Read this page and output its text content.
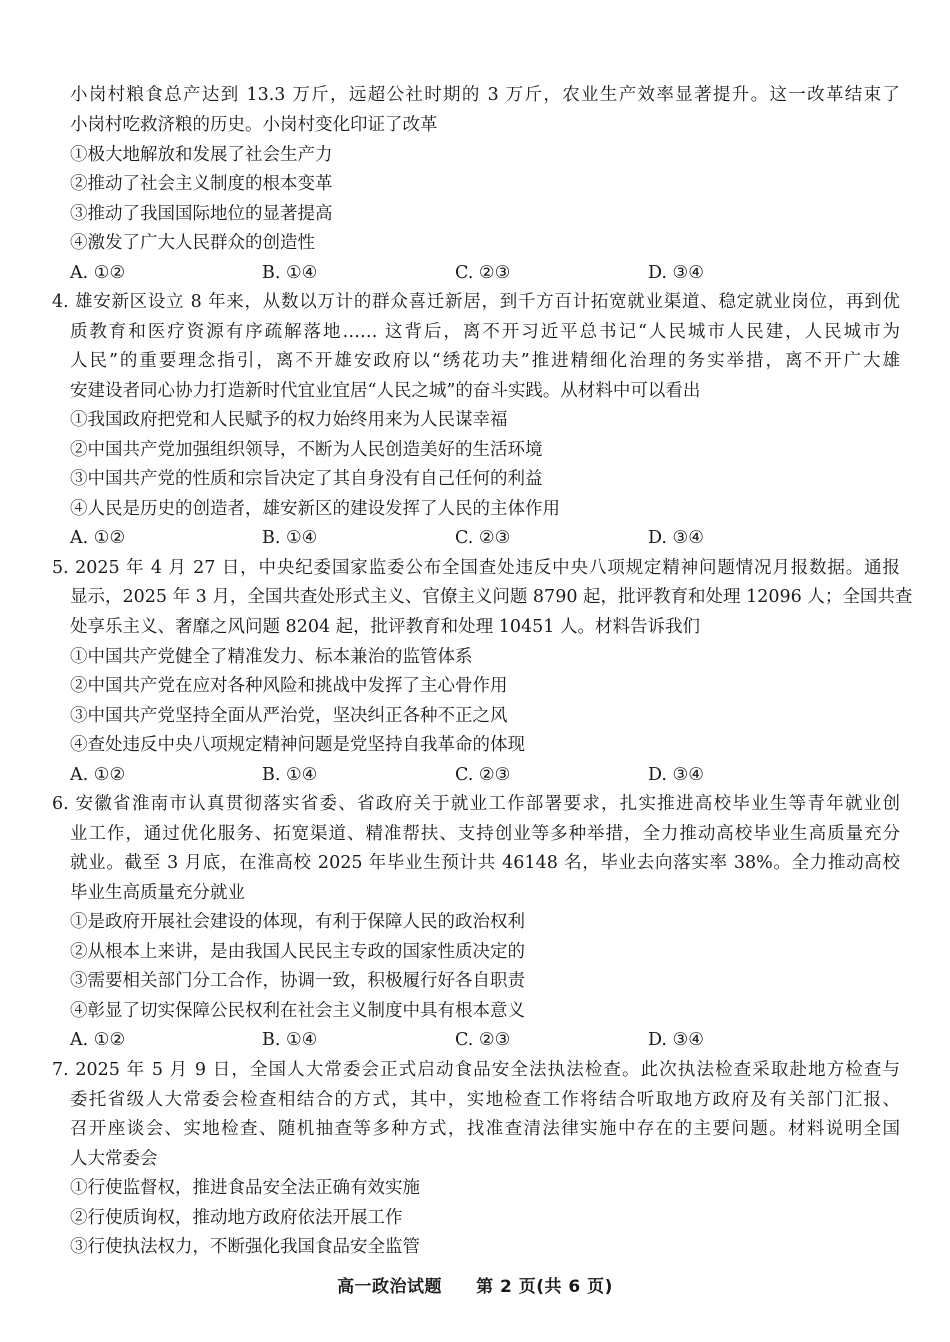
小岗村粮食总产达到 13.3 万斤，远超公社时期的 3 万斤，农业生产效率显著提升。这一改革结束了
小岗村吃救济粮的历史。小岗村变化印证了改革
①极大地解放和发展了社会生产力
②推动了社会主义制度的根本变革
③推动了我国国际地位的显著提高
④激发了广大人民群众的创造性
A. ①②	B. ①④	C. ②③	D. ③④
4. 雄安新区设立 8 年来，从数以万计的群众喜迁新居，到千方百计拓宽就业渠道、稳定就业岗位，再到优
质教育和医疗资源有序疏解落地…… 这背后，离不开习近平总书记“人民城市人民建，人民城市为
人民”的重要理念指引，离不开雄安政府以“绣花功夫”推进精细化治理的务实举措，离不开广大雄
安建设者同心协力打造新时代宜业宜居“人民之城”的奋斗实践。从材料中可以看出
①我国政府把党和人民赋予的权力始终用来为人民谋幸福
②中国共产党加强组织领导，不断为人民创造美好的生活环境
③中国共产党的性质和宗旨决定了其自身没有自己任何的利益
④人民是历史的创造者，雄安新区的建设发挥了人民的主体作用
A. ①②	B. ①④	C. ②③	D. ③④
5. 2025 年 4 月 27 日，中央纪委国家监委公布全国查处违反中央八项规定精神问题情况月报数据。通报
显示，2025 年 3 月，全国共查处形式主义、官僚主义问题 8790 起，批评教育和处理 12096 人；全国共查
处享乐主义、奢靡之风问题 8204 起，批评教育和处理 10451 人。材料告诉我们
①中国共产党健全了精准发力、标本兼治的监管体系
②中国共产党在应对各种风险和挑战中发挥了主心骨作用
③中国共产党坚持全面从严治党，坚决纠正各种不正之风
④查处违反中央八项规定精神问题是党坚持自我革命的体现
A. ①②	B. ①④	C. ②③	D. ③④
6. 安徽省淮南市认真贯彻落实省委、省政府关于就业工作部署要求，扎实推进高校毕业生等青年就业创
业工作，通过优化服务、拓宽渠道、精准帮扶、支持创业等多种举措，全力推动高校毕业生高质量充分
就业。截至 3 月底，在淮高校 2025 年毕业生预计共 46148 名，毕业去向落实率 38%。全力推动高校
毕业生高质量充分就业
①是政府开展社会建设的体现，有利于保障人民的政治权利
②从根本上来讲，是由我国人民民主专政的国家性质决定的
③需要相关部门分工合作，协调一致，积极履行好各自职责
④彰显了切实保障公民权利在社会主义制度中具有根本意义
A. ①②	B. ①④	C. ②③	D. ③④
7. 2025 年 5 月 9 日，全国人大常委会正式启动食品安全法执法检查。此次执法检查采取赴地方检查与
委托省级人大常委会检查相结合的方式，其中，实地检查工作将结合听取地方政府及有关部门汇报、
召开座谈会、实地检查、随机抽查等多种方式，找准查清法律实施中存在的主要问题。材料说明全国
人大常委会
①行使监督权，推进食品安全法正确有效实施
②行使质询权，推动地方政府依法开展工作
③行使执法权力，不断强化我国食品安全监管
高一政治试题 第 2 页(共 6 页)
